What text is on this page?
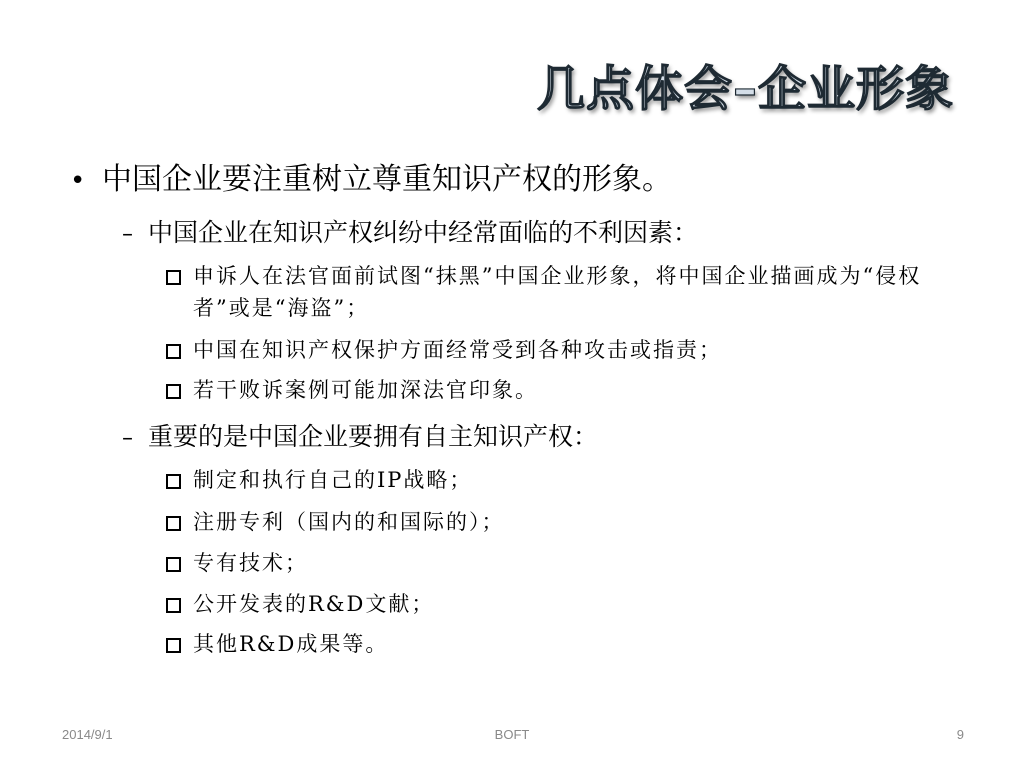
几点体会–企业形象
• 中国企业要注重树立尊重知识产权的形象。
– 中国企业在知识产权纠纷中经常面临的不利因素：
申诉人在法官面前试图“抹黑”中国企业形象，将中国企业描画成为“侵权者”或是“海盗”；
中国在知识产权保护方面经常受到各种攻击或指责；
若干败诉案例可能加深法官印象。
– 重要的是中国企业要拥有自主知识产权：
制定和执行自己的IP战略；
注册专利（国内的和国际的）；
专有技术；
公开发表的R&D文献；
其他R&D成果等。
2014/9/1	BOFT	9
